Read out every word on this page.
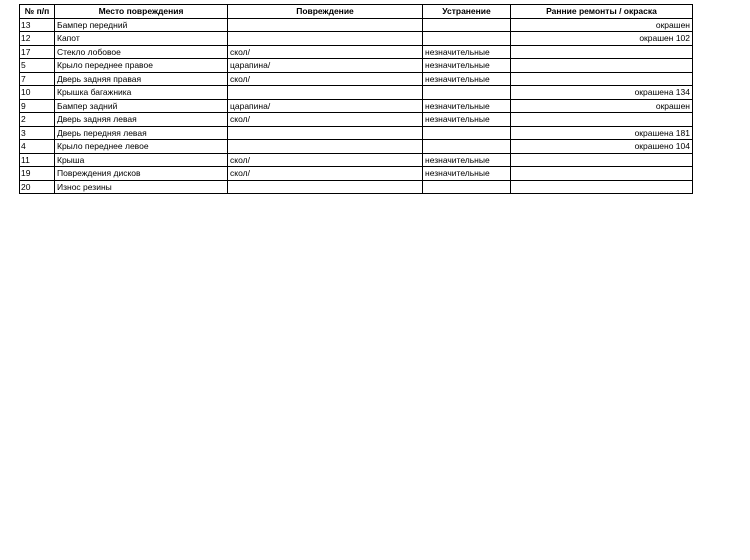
№ п/п	Место повреждения	Повреждение	Устранение	Ранние ремонты / окраска
13	Бампер передний			окрашен
12	Капот			окрашен 102
17	Стекло лобовое	скол/	незначительные	
5	Крыло переднее правое	царапина/	незначительные	
7	Дверь задняя правая	скол/	незначительные	
10	Крышка багажника			окрашена 134
9	Бампер задний	царапина/	незначительные	окрашен
2	Дверь задняя левая	скол/	незначительные	
3	Дверь передняя левая			окрашена 181
4	Крыло переднее левое			окрашено 104
11	Крыша	скол/	незначительные	
19	Повреждения дисков	скол/	незначительные	
20	Износ резины			
